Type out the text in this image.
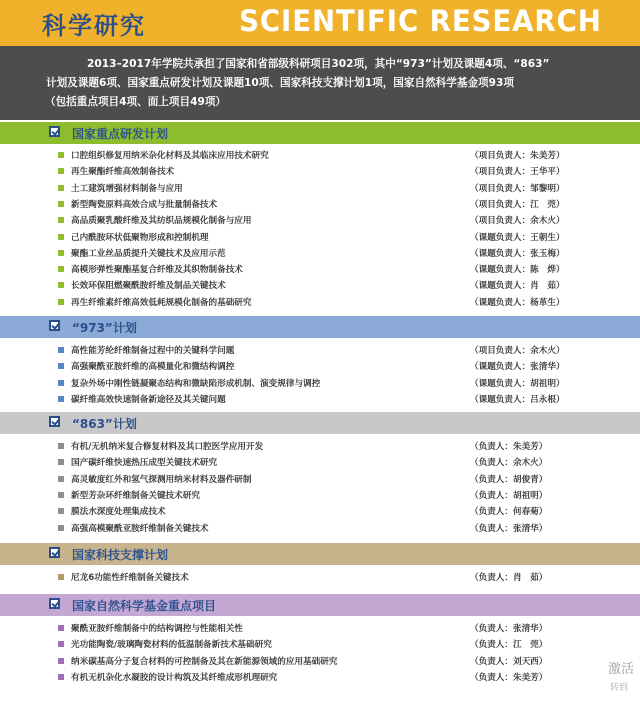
科学研究	SCIENTIFIC RESEARCH
2013–2017年学院共承担了国家和省部级科研项目302项，其中“973”计划及课题4项、“863”
计划及课题6项、国家重点研发计划及课题10项、国家科技支撑计划1项，国家自然科学基金项93项
（包括重点项目4项、面上项目49项）
国家重点研发计划
口腔组织修复用纳米杂化材料及其临床应用技术研究	（项目负责人：朱美芳）
再生聚酯纤维高效制备技术	（项目负责人：王华平）
土工建筑增强材料制备与应用	（项目负责人：邹黎明）
新型陶瓷原料高效合成与批量制备技术	（项目负责人：江　莞）
高品质聚乳酸纤维及其纺织品规模化制备与应用	（项目负责人：余木火）
己内酰胺环状低聚物形成和控制机理	（课题负责人：王朝生）
聚酯工业丝品质提升关键技术及应用示范	（课题负责人：张玉梅）
高模形弹性聚酯基复合纤维及其织物制备技术	（课题负责人：陈　烨）
长效环保阻燃聚酰胺纤维及制品关键技术	（课题负责人：肖　茹）
再生纤维素纤维高效低耗规模化制备的基础研究	（课题负责人：杨革生）
“973”计划
高性能芳纶纤维制备过程中的关键科学问题	（项目负责人：余木火）
高强聚酰亚胺纤维的高模量化和微结构调控	（课题负责人：张清华）
复杂外场中刚性链凝聚态结构和微缺陷形成机制、演变规律与调控	（课题负责人：胡祖明）
碳纤维高效快速制备新途径及其关键问题	（课题负责人：吕永根）
“863”计划
有机/无机纳米复合修复材料及其口腔医学应用开发	（负责人：朱美芳）
国产碳纤维快速热压成型关键技术研究	（负责人：余木火）
高灵敏度红外和氢气探测用纳米材料及器件研制	（负责人：胡俊青）
新型芳杂环纤维制备关键技术研究	（负责人：胡祖明）
膜法水深度处理集成技术	（负责人：何春菊）
高强高模聚酰亚胺纤维制备关键技术	（负责人：张清华）
国家科技支撑计划
尼龙6功能性纤维制备关键技术	（负责人：肖　茹）
国家自然科学基金重点项目
聚酰亚胺纤维制备中的结构调控与性能相关性	（负责人：张清华）
光功能陶瓷/玻璃陶瓷材料的低温制备新技术基础研究	（负责人：江　莞）
纳米碳基高分子复合材料的可控制备及其在新能源领域的应用基础研究	（负责人：刘天西）
有机无机杂化水凝胶的设计构筑及其纤维成形机理研究	（负责人：朱美芳）
激活
转到
